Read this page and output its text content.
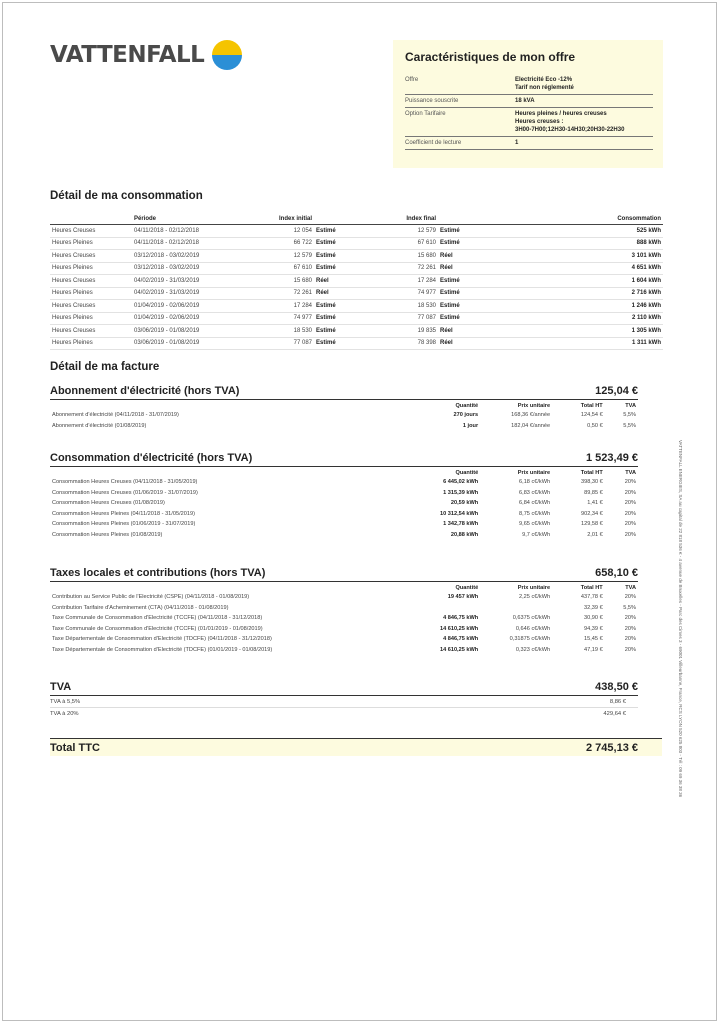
VATTENFALL	Caractéristiques de mon offre
Offre	Electricité Eco -12%
Tarif non réglementé
Puissance souscrite	18 kVA
Option Tarifaire	Heures pleines / heures creuses
Heures creuses :
3H00-7H00;12H30-14H30;20H30-22H30
Coefficient de lecture	1
Détail de ma consommation
	Période	Index initial		Index final		Consommation
Heures Creuses	04/11/2018 - 02/12/2018	12 054	Estimé	12 579	Estimé	525 kWh
Heures Pleines	04/11/2018 - 02/12/2018	66 722	Estimé	67 610	Estimé	888 kWh
Heures Creuses	03/12/2018 - 03/02/2019	12 579	Estimé	15 680	Réel	3 101 kWh
Heures Pleines	03/12/2018 - 03/02/2019	67 610	Estimé	72 261	Réel	4 651 kWh
Heures Creuses	04/02/2019 - 31/03/2019	15 680	Réel	17 284	Estimé	1 604 kWh
Heures Pleines	04/02/2019 - 31/03/2019	72 261	Réel	74 977	Estimé	2 716 kWh
Heures Creuses	01/04/2019 - 02/06/2019	17 284	Estimé	18 530	Estimé	1 246 kWh
Heures Pleines	01/04/2019 - 02/06/2019	74 977	Estimé	77 087	Estimé	2 110 kWh
Heures Creuses	03/06/2019 - 01/08/2019	18 530	Estimé	19 835	Réel	1 305 kWh
Heures Pleines	03/06/2019 - 01/08/2019	77 087	Estimé	78 398	Réel	1 311 kWh
Détail de ma facture
Abonnement d'électricité (hors TVA)	125,04 €
	Quantité	Prix unitaire	Total HT	TVA
Abonnement d'électricité (04/11/2018 - 31/07/2019)	270 jours	168,36 €/année	124,54 €	5,5%
Abonnement d'électricité (01/08/2019)	1 jour	182,04 €/année	0,50 €	5,5%
Consommation d'électricité (hors TVA)	1 523,49 €
	Quantité	Prix unitaire	Total HT	TVA
Consommation Heures Creuses (04/11/2018 - 31/05/2019)	6 445,02 kWh	6,18 c€/kWh	398,30 €	20%
Consommation Heures Creuses (01/06/2019 - 31/07/2019)	1 315,39 kWh	6,83 c€/kWh	89,85 €	20%
Consommation Heures Creuses (01/08/2019)	20,59 kWh	6,84 c€/kWh	1,41 €	20%
Consommation Heures Pleines (04/11/2018 - 31/05/2019)	10 312,54 kWh	8,75 c€/kWh	902,34 €	20%
Consommation Heures Pleines (01/06/2019 - 31/07/2019)	1 342,78 kWh	9,65 c€/kWh	129,58 €	20%
Consommation Heures Pleines (01/08/2019)	20,88 kWh	9,7 c€/kWh	2,01 €	20%
Taxes locales et contributions (hors TVA)	658,10 €
	Quantité	Prix unitaire	Total HT	TVA
Contribution au Service Public de l'Electricité (CSPE) (04/11/2018 - 01/08/2019)	19 457 kWh	2,25 c€/kWh	437,78 €	20%
Contribution Tarifaire d'Acheminement (CTA) (04/11/2018 - 01/08/2019)			32,39 €	5,5%
Taxe Communale de Consommation d'Electricité (TCCFE) (04/11/2018 - 31/12/2018)	4 846,75 kWh	0,6375 c€/kWh	30,90 €	20%
Taxe Communale de Consommation d'Electricité (TCCFE) (01/01/2019 - 01/08/2019)	14 610,25 kWh	0,646 c€/kWh	94,39 €	20%
Taxe Départementale de Consommation d'Electricité (TDCFE) (04/11/2018 - 31/12/2018)	4 846,75 kWh	0,31875 c€/kWh	15,45 €	20%
Taxe Départementale de Consommation d'Electricité (TDCFE) (01/01/2019 - 01/08/2019)	14 610,25 kWh	0,323 c€/kWh	47,19 €	20%
TVA	438,50 €
TVA à 5,5%	8,86 €
TVA à 20%	429,64 €
Total TTC	2 745,13 €	VATTENFALL ENERGIES, SA au capital de 22 818 536 € - 4 avenue de Bruxelles - Parc des Cimes 3 - 69001 Villeurbanne, France, RCS LYON 520 625 803 - Tél : 09 69 36 38 36
